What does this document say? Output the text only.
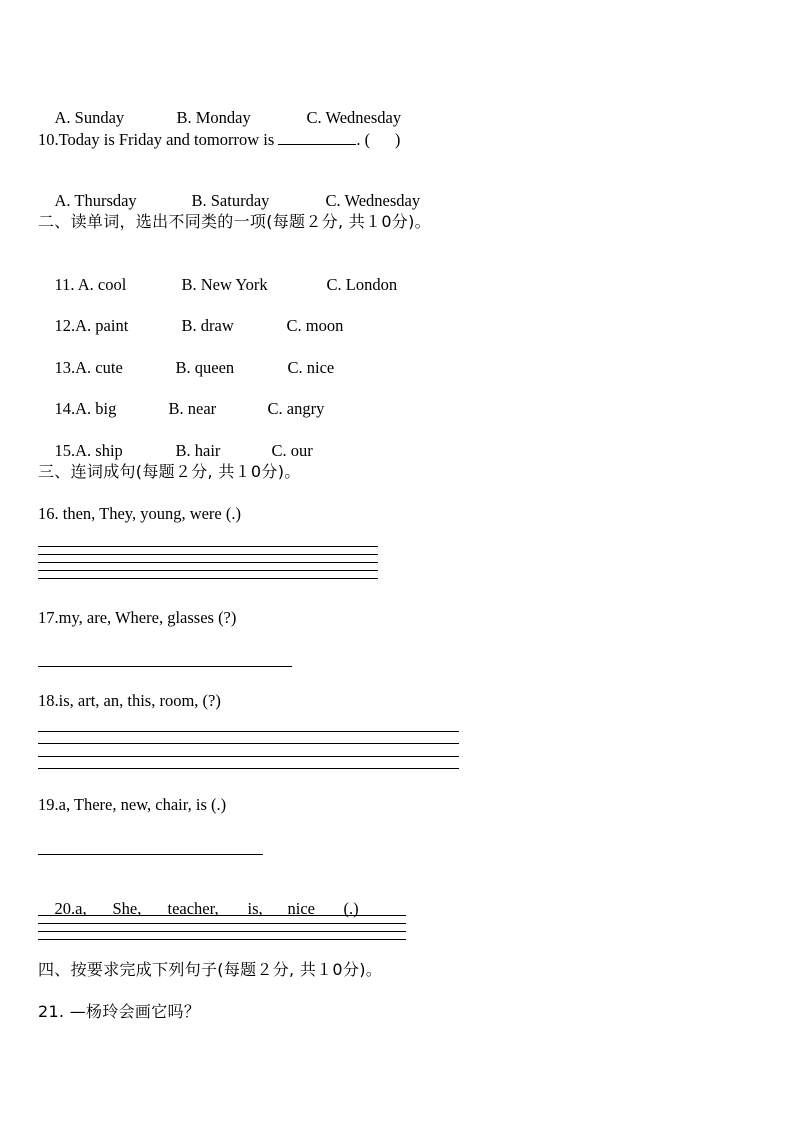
A. Sunday	B. Monday	C. Wednesday

10.Today is Friday and tomorrow is	. (      )

A. Thursday	B. Saturday	C. Wednesday

二、读单词，选出不同类的一项(每题２分, 共１0分)。

11. A. cool	B. New York	C. London

12.A. paint	B. draw	C. moon

13.A. cute	B. queen	C. nice

14.A. big	B. near	C. angry

15.A. ship	B. hair	C. our

三、连词成句(每题２分, 共１0分)。
16. then, They, young, were (.)
17.my, are, Where, glasses (?)
18.is, art, an, this, room, (?)
19.a, There, new, chair, is (.)

20.a, She, teacher, is, nice (.)

四、按要求完成下列句子(每题２分, 共１0分)。
21. —杨玲会画它吗？
